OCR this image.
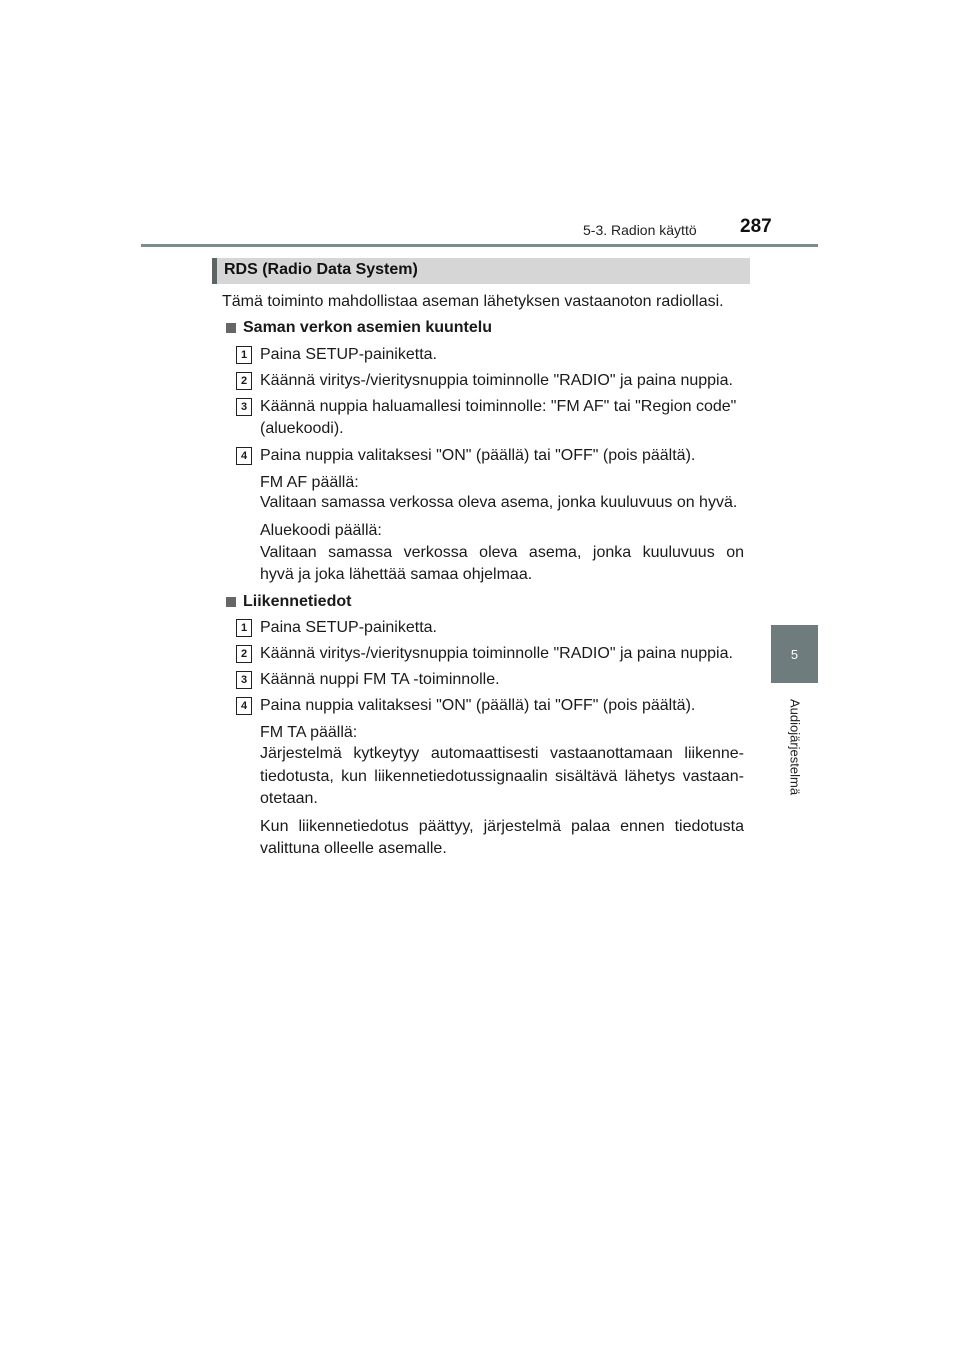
5-3. Radion käyttö 287
5
Audiojärjestelmä
RDS (Radio Data System)
Tämä toiminto mahdollistaa aseman lähetyksen vastaanoton radiollasi.
Saman verkon asemien kuuntelu
1 Paina SETUP-painiketta.
2 Käännä viritys-/vieritysnuppia toiminnolle "RADIO" ja paina nuppia.
3 Käännä nuppia haluamallesi toiminnolle: "FM AF" tai "Region code"
(aluekoodi).
4 Paina nuppia valitaksesi "ON" (päällä) tai "OFF" (pois päältä).
FM AF päällä:
Valitaan samassa verkossa oleva asema, jonka kuuluvuus on hyvä.
Aluekoodi päällä:
Valitaan samassa verkossa oleva asema, jonka kuuluvuus on
hyvä ja joka lähettää samaa ohjelmaa.
Liikennetiedot
1 Paina SETUP-painiketta.
2 Käännä viritys-/vieritysnuppia toiminnolle "RADIO" ja paina nuppia.
3 Käännä nuppi FM TA -toiminnolle.
4 Paina nuppia valitaksesi "ON" (päällä) tai "OFF" (pois päältä).
FM TA päällä:
Järjestelmä kytkeytyy automaattisesti vastaanottamaan liikenne-
tiedotusta, kun liikennetiedotussignaalin sisältävä lähetys vastaan-
otetaan.
Kun liikennetiedotus päättyy, järjestelmä palaa ennen tiedotusta
valittuna olleelle asemalle.
